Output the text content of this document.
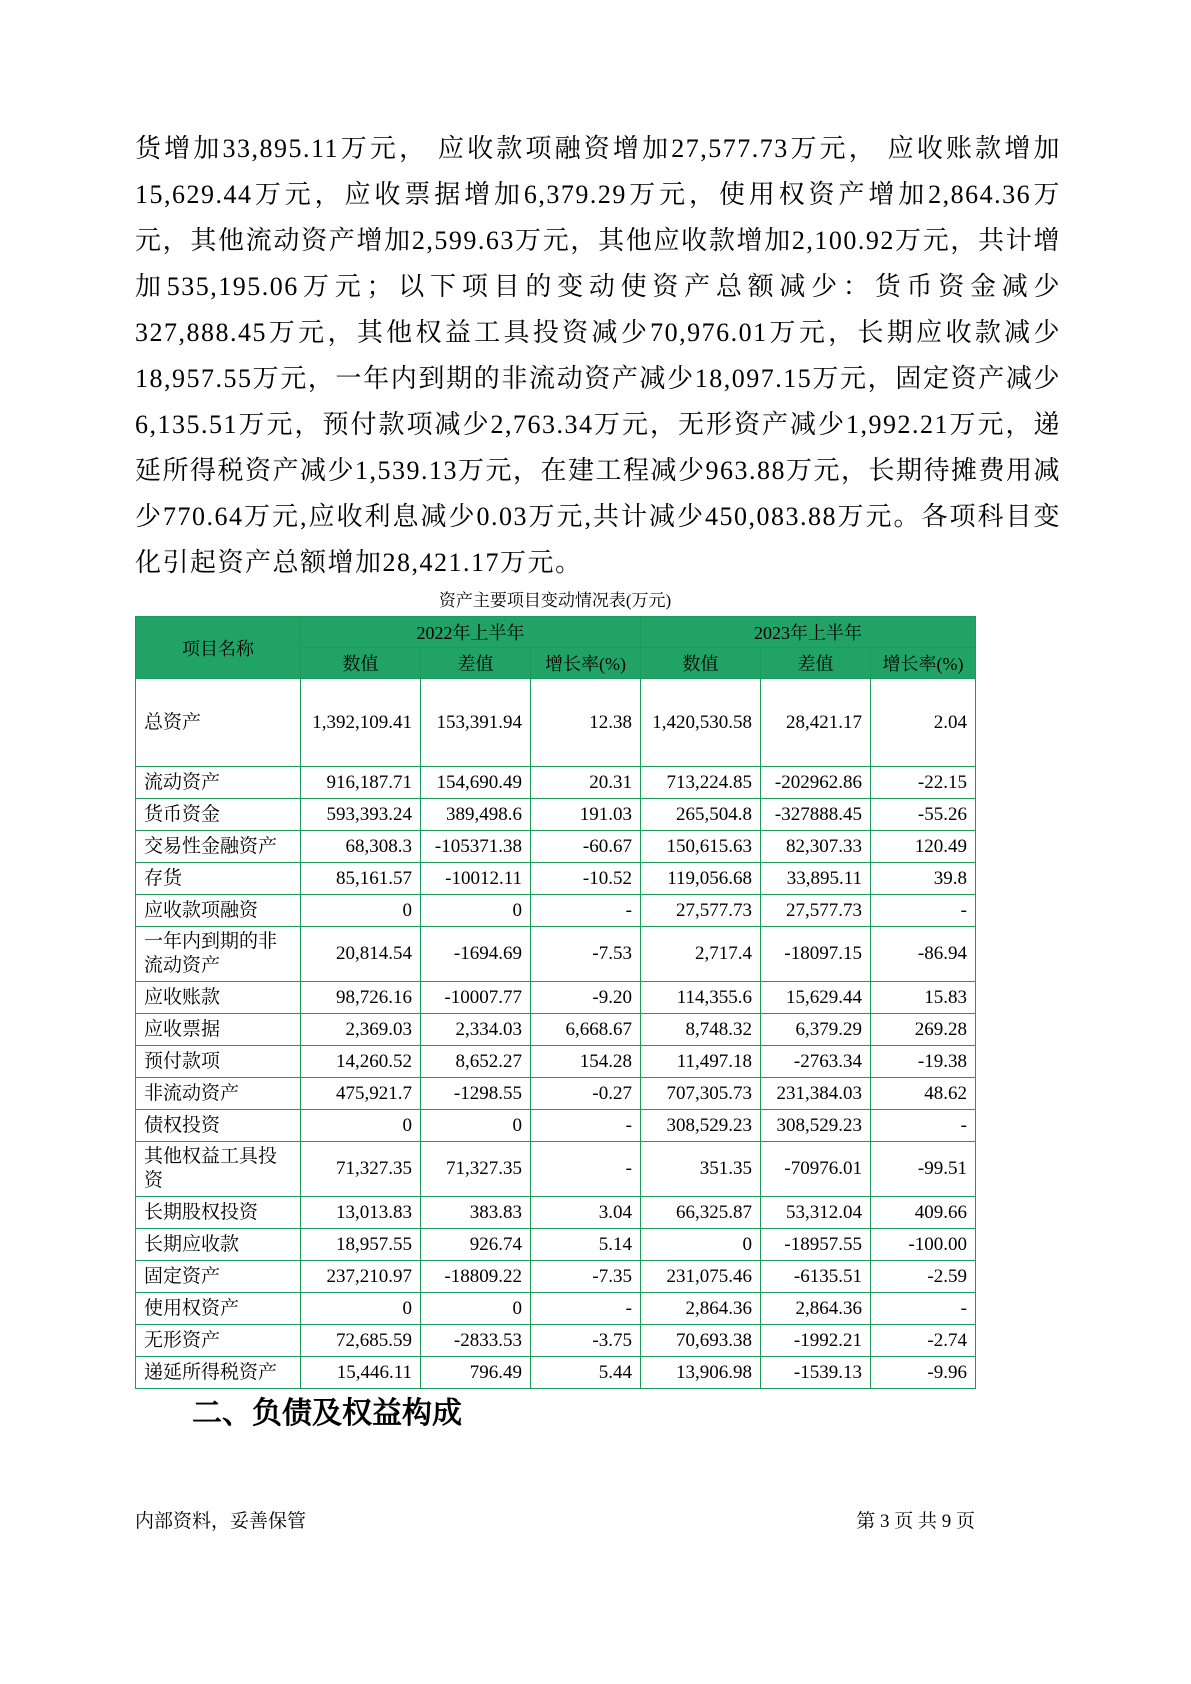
货增加33,895.11万元， 应收款项融资增加27,577.73万元， 应收账款增加15,629.44万元，应收票据增加6,379.29万元，使用权资产增加2,864.36万元，其他流动资产增加2,599.63万元，其他应收款增加2,100.92万元，共计增加535,195.06万元；以下项目的变动使资产总额减少：货币资金减少327,888.45万元，其他权益工具投资减少70,976.01万元，长期应收款减少18,957.55万元，一年内到期的非流动资产减少18,097.15万元，固定资产减少6,135.51万元，预付款项减少2,763.34万元，无形资产减少1,992.21万元，递延所得税资产减少1,539.13万元，在建工程减少963.88万元，长期待摊费用减少770.64万元,应收利息减少0.03万元,共计减少450,083.88万元。各项科目变化引起资产总额增加28,421.17万元。

资产主要项目变动情况表(万元)
项目名称	2022年上半年			2023年上半年		
	数值	差值	增长率(%)	数值	差值	增长率(%)
总资产	1,392,109.41	153,391.94	12.38	1,420,530.58	28,421.17	2.04
流动资产	916,187.71	154,690.49	20.31	713,224.85	-202962.86	-22.15
货币资金	593,393.24	389,498.6	191.03	265,504.8	-327888.45	-55.26
交易性金融资产	68,308.3	-105371.38	-60.67	150,615.63	82,307.33	120.49
存货	85,161.57	-10012.11	-10.52	119,056.68	33,895.11	39.8
应收款项融资	0	0	-	27,577.73	27,577.73	-
一年内到期的非流动资产	20,814.54	-1694.69	-7.53	2,717.4	-18097.15	-86.94
应收账款	98,726.16	-10007.77	-9.20	114,355.6	15,629.44	15.83
应收票据	2,369.03	2,334.03	6,668.67	8,748.32	6,379.29	269.28
预付款项	14,260.52	8,652.27	154.28	11,497.18	-2763.34	-19.38
非流动资产	475,921.7	-1298.55	-0.27	707,305.73	231,384.03	48.62
债权投资	0	0	-	308,529.23	308,529.23	-
其他权益工具投资	71,327.35	71,327.35	-	351.35	-70976.01	-99.51
长期股权投资	13,013.83	383.83	3.04	66,325.87	53,312.04	409.66
长期应收款	18,957.55	926.74	5.14	0	-18957.55	-100.00
固定资产	237,210.97	-18809.22	-7.35	231,075.46	-6135.51	-2.59
使用权资产	0	0	-	2,864.36	2,864.36	-
无形资产	72,685.59	-2833.53	-3.75	70,693.38	-1992.21	-2.74
递延所得税资产	15,446.11	796.49	5.44	13,906.98	-1539.13	-9.96
二、负债及权益构成
内部资料，妥善保管	第 3 页 共 9 页
